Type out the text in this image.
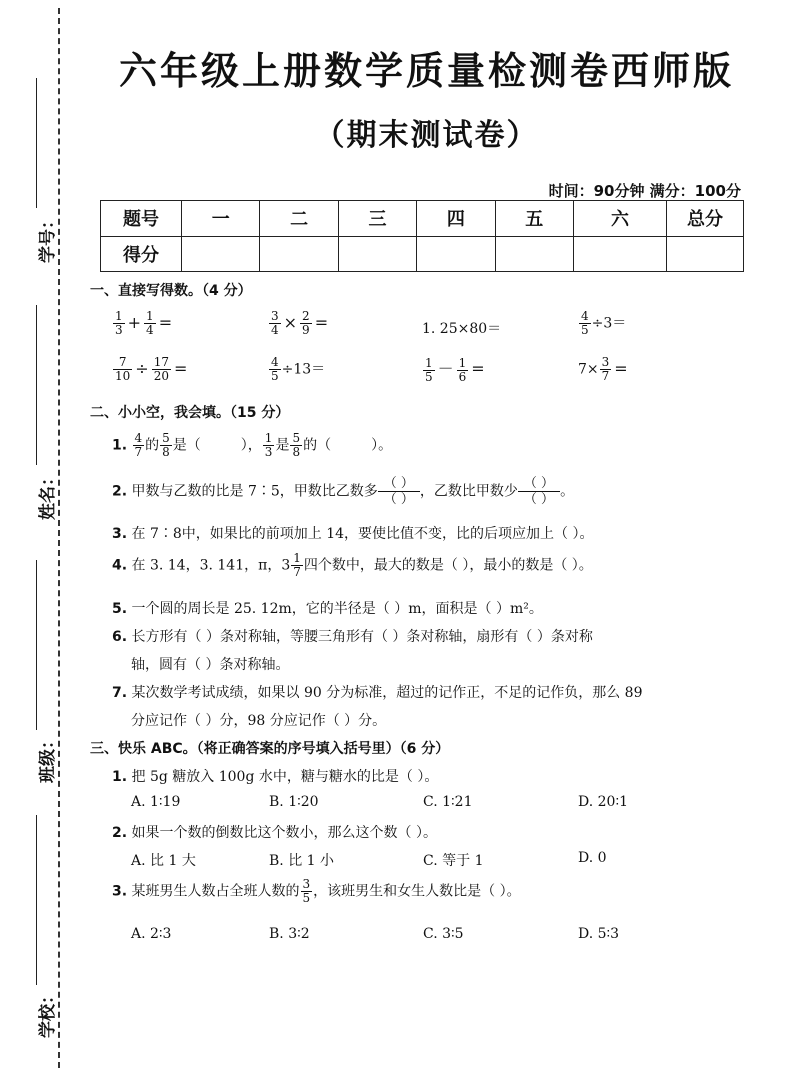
学号：
姓名：
班级：
学校：
六年级上册数学质量检测卷西师版
（期末测试卷）
时间：90分钟 满分：100分
题号	一	二	三	四	五	六	总分
得分							
一、直接写得数。（4 分）
$\frac{1}{3} + \frac{1}{4}$ =	$\frac{3}{4} \times \frac{2}{9}$ =	1. 25×80＝	$\frac{4}{5} \div 3=$
$\frac{7}{10} \div \frac{17}{20}$ =	$\frac{4}{5} \div 13=$	$\frac{1}{5} - \frac{1}{6}$ =	$7\times \frac{3}{7}$ =
二、小小空，我会填。（15 分）
1. $\frac{4}{7}$ 的 $\frac{5}{8}$ 是（	）， $\frac{1}{3}$ 是 $\frac{5}{8}$ 的（	）。
2. 甲数与乙数的比是 7∶5，甲数比乙数多 （ ）
（ ） ，乙数比甲数少 （ ）
（ ） 。
3. 在 7∶8中，如果比的前项加上 14，要使比值不变，比的后项应加上（ ）。
4. 在 3. 14，3. 141，π，$3 \frac{1}{7}$ 四个数中，最大的数是（ ），最小的数是（ ）。
5. 一个圆的周长是 25. 12m，它的半径是（ ）m，面积是（ ）m²。
6. 长方形有（ ）条对称轴，等腰三角形有（ ）条对称轴，扇形有（ ）条对称
轴，圆有（ ）条对称轴。
7. 某次数学考试成绩，如果以 90 分为标准，超过的记作正，不足的记作负，那么 89
分应记作（ ）分，98 分应记作（ ）分。
三、快乐 ABC。（将正确答案的序号填入括号里）（6 分）
1. 把 5g 糖放入 100g 水中，糖与糖水的比是（ ）。
A. 1∶19	B. 1∶20	C. 1∶21	D. 20∶1
2. 如果一个数的倒数比这个数小，那么这个数（ ）。
A. 比 1 大	B. 比 1 小	C. 等于 1	D. 0
3. 某班男生人数占全班人数的 $\frac{3}{5}$ ，该班男生和女生人数比是（ ）。
A. 2∶3	B. 3∶2	C. 3∶5	D. 5∶3
